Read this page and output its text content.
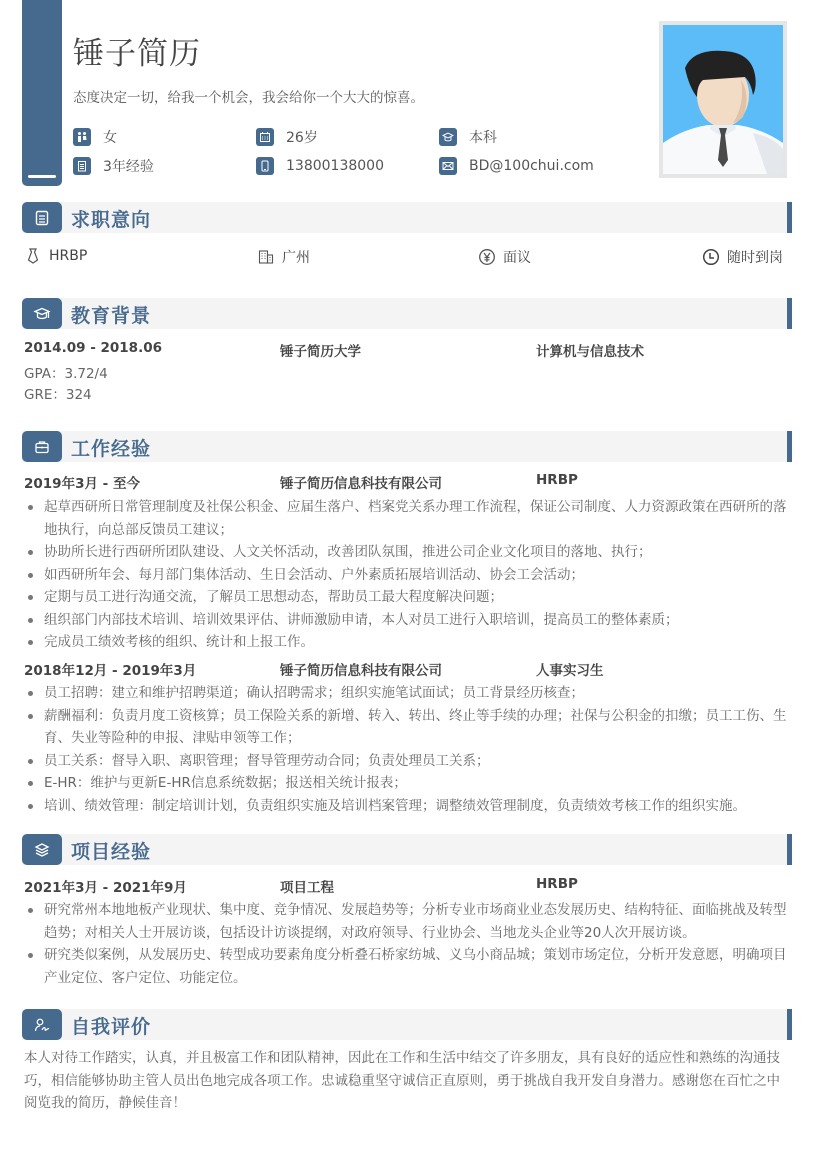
锤子简历
态度决定一切，给我一个机会，我会给你一个大大的惊喜。
女	26岁	本科
3年经验	13800138000	BD@100chui.com
求职意向
HRBP	广州	面议	随时到岗
教育背景
2014.09 - 2018.06	锤子简历大学	计算机与信息技术
GPA：3.72/4
GRE：324
工作经验
2019年3月 - 至今	锤子简历信息科技有限公司	HRBP
起草西研所日常管理制度及社保公积金、应届生落户、档案党关系办理工作流程，保证公司制度、人力资源政策在西研所的落地执行，向总部反馈员工建议；
协助所长进行西研所团队建设、人文关怀活动，改善团队氛围，推进公司企业文化项目的落地、执行；
如西研所年会、每月部门集体活动、生日会活动、户外素质拓展培训活动、协会工会活动；
定期与员工进行沟通交流，了解员工思想动态，帮助员工最大程度解决问题；
组织部门内部技术培训、培训效果评估、讲师激励申请，本人对员工进行入职培训，提高员工的整体素质；
完成员工绩效考核的组织、统计和上报工作。
2018年12月 - 2019年3月	锤子简历信息科技有限公司	人事实习生
员工招聘：建立和维护招聘渠道；确认招聘需求；组织实施笔试面试；员工背景经历核查；
薪酬福利：负责月度工资核算；员工保险关系的新增、转入、转出、终止等手续的办理；社保与公积金的扣缴；员工工伤、生育、失业等险种的申报、津贴申领等工作；
员工关系：督导入职、离职管理；督导管理劳动合同；负责处理员工关系；
E-HR：维护与更新E-HR信息系统数据；报送相关统计报表；
培训、绩效管理：制定培训计划，负责组织实施及培训档案管理；调整绩效管理制度，负责绩效考核工作的组织实施。
项目经验
2021年3月 - 2021年9月	项目工程	HRBP
研究常州本地地板产业现状、集中度、竞争情况、发展趋势等；分析专业市场商业业态发展历史、结构特征、面临挑战及转型趋势；对相关人士开展访谈，包括设计访谈提纲，对政府领导、行业协会、当地龙头企业等20人次开展访谈。
研究类似案例，从发展历史、转型成功要素角度分析叠石桥家纺城、义乌小商品城；策划市场定位，分析开发意愿，明确项目产业定位、客户定位、功能定位。
自我评价
本人对待工作踏实，认真，并且极富工作和团队精神，因此在工作和生活中结交了许多朋友，具有良好的适应性和熟练的沟通技巧，相信能够协助主管人员出色地完成各项工作。忠诚稳重坚守诚信正直原则，勇于挑战自我开发自身潜力。感谢您在百忙之中阅览我的简历，静候佳音！
